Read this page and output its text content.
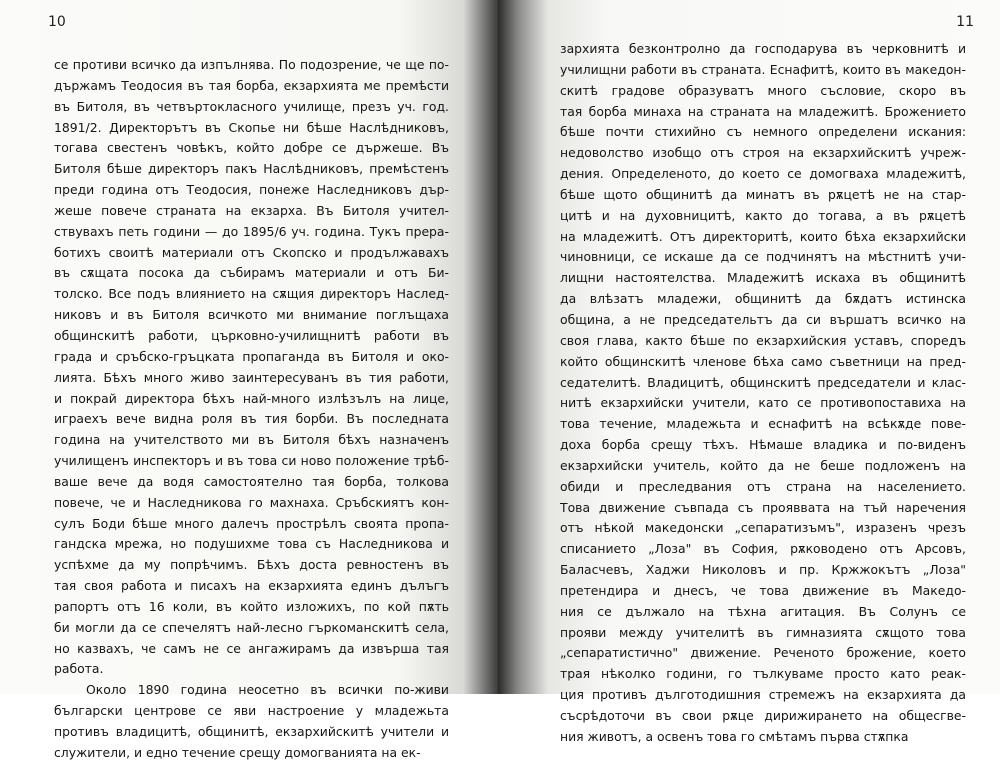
10
се противи всичко да изпълнява. По подозрение, че ще по-
държамъ Теодосия въ тая борба, екзархията ме премѣсти
въ Битоля, въ четвъртокласного училище, презъ уч. год.
1891/2. Директорътъ въ Скопье ни бѣше Наслѣдниковъ,
тогава свестенъ човѣкъ, който добре се държеше. Въ
Битоля бѣше директоръ пакъ Наслѣдниковъ, премѣстенъ
преди година отъ Теодосия, понеже Наследниковъ дър-
жеше повече страната на екзарха. Въ Битоля учител-
ствувахъ петь години — до 1895/6 уч. година. Тукъ прера-
ботихъ своитѣ материали отъ Скопско и продължавахъ
въ сѫщата посока да събирамъ материали и отъ Би-
толско. Все подъ влиянието на сѫщия директоръ Наслед-
никовъ и въ Битоля всичкото ми внимание поглъщаха
общинскитѣ работи, църковно-училищнитѣ работи въ
града и сръбско-гръцката пропаганда въ Битоля и око-
лията. Бѣхъ много живо заинтересуванъ въ тия работи,
и покрай директора бѣхъ най-много излѣзълъ на лице,
играехъ вече видна роля въ тия борби. Въ последната
година на учителството ми въ Битоля бѣхъ назначенъ
училищенъ инспекторъ и въ това си ново положение трѣб-
ваше вече да водя самостоятелно тая борба, толкова
повече, че и Наследникова го махнаха. Сръбскиятъ кон-
сулъ Боди бѣше много далечъ прострѣлъ своята пропа-
гандска мрежа, но подушихме това съ Наследникова и
успѣхме да му попрѣчимъ. Бѣхъ доста ревностенъ въ
тая своя работа и писахъ на екзархията единъ дълъгъ
рапортъ отъ 16 коли, въ който изложихъ, по кой пѫть
би могли да се спечелятъ най-лесно гъркоманскитѣ села,
но казвахъ, че самъ не се ангажирамъ да извърша тая
работа.
Около 1890 година неосетно въ всички по-живи
български центрове се яви настроение у младежьта
противъ владицитѣ, общинитѣ, екзархийскитѣ учители и
служители, и едно течение срещу домогванията на ек-
11
зархията безконтролно да господарува въ черковнитѣ и
училищни работи въ страната. Еснафитѣ, които въ македон-
скитѣ градове образуватъ много съсловие, скоро въ
тая борба минаха на страната на младежитѣ. Брожението
бѣше почти стихийно съ немного определени искания:
недоволство изобщо отъ строя на екзархийскитѣ учреж-
дения. Определеното, до което се домогваха младежитѣ,
бѣше щото общинитѣ да минатъ въ рѫцетѣ не на стар-
цитѣ и на духовницитѣ, както до тогава, а въ рѫцетѣ
на младежитѣ. Отъ директоритѣ, които бѣха екзархийски
чиновници, се искаше да се подчинятъ на мѣстнитѣ учи-
лищни настоятелства. Младежитѣ искаха въ общинитѣ
да влѣзатъ младежи, общинитѣ да бѫдатъ истинска
община, а не председательтъ да си вършатъ всичко на
своя глава, както бѣше по екзархийския уставъ, споредъ
който общинскитѣ членове бѣха само съветници на пред-
седателитѣ. Владицитѣ, общинскитѣ председатели и клас-
нитѣ екзархийски учители, като се противопоставиха на
това течение, младежьта и еснафитѣ на всѣкѫде пове-
доха борба срещу тѣхъ. Нѣмаше владика и по-виденъ
екзархийски учитель, който да не беше подложенъ на
обиди и преследвания отъ страна на населението.
Това движение съвпада съ прояввата на тъй наречения
отъ нѣкой македонски „сепаратизъмъ", изразенъ чрезъ
списанието „Лоза" въ София, рѫководено отъ Арсовъ,
Баласчевъ, Хаджи Николовъ и пр. Кржжокътъ „Лоза"
претендира и днесъ, че това движение въ Македо-
ния се дължало на тѣхна агитация. Въ Солунъ се
прояви между учителитѣ въ гимназията сѫщото това
„сепаратистично" движение. Реченото брожение, което
трая нѣколко години, го тълкуваме просто като реак-
ция противъ дълготодишния стремежъ на екзархията да
съсрѣдоточи въ свои рѫце дирижирането на общесгве-
ния животъ, а освенъ това го смѣтамъ първа стѫпка
